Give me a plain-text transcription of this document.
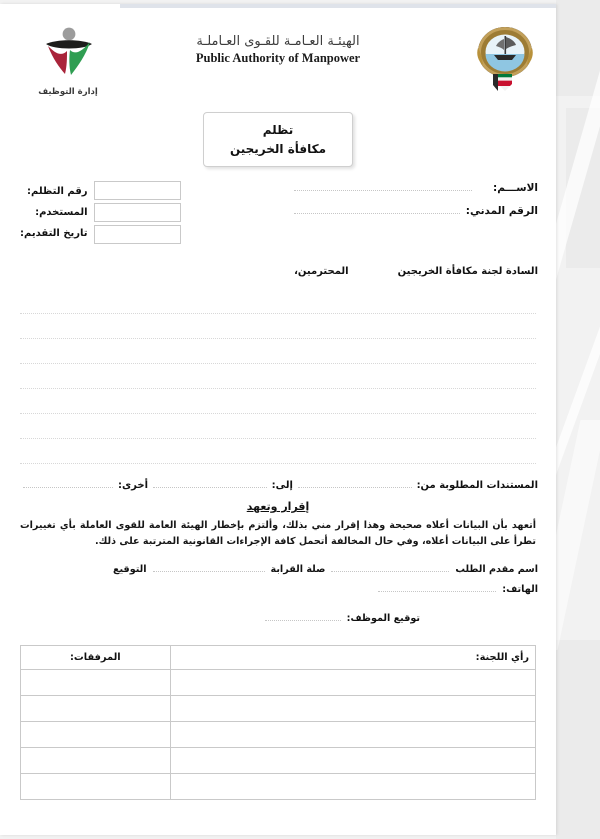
إدارة التوظيف
الهيئـة العـامـة للقـوى العـاملـة
Public Authority of Manpower
تظلم
مكافأة الخريجين
الاســـم:
الرقم المدني:
رقم التظلم:
المستخدم:
تاريخ التقديم:
السادة لجنة مكافأة الخريجين المحترمين،
المستندات المطلوبة من:
إلى:
أخرى:
إقرار وتعهد
أتعهد بأن البيانات أعلاه صحيحة وهذا إقرار مني بذلك، وألتزم بإخطار الهيئة العامة للقوى العاملة بأي تغييرات تطرأ على البيانات أعلاه، وفي حال المخالفة أتحمل كافة الإجراءات القانونية المترتبة على ذلك.
اسم مقدم الطلب
صلة القرابة
التوقيع
الهاتف:
توقيع الموظف:
رأي اللجنة:	المرفقات:
